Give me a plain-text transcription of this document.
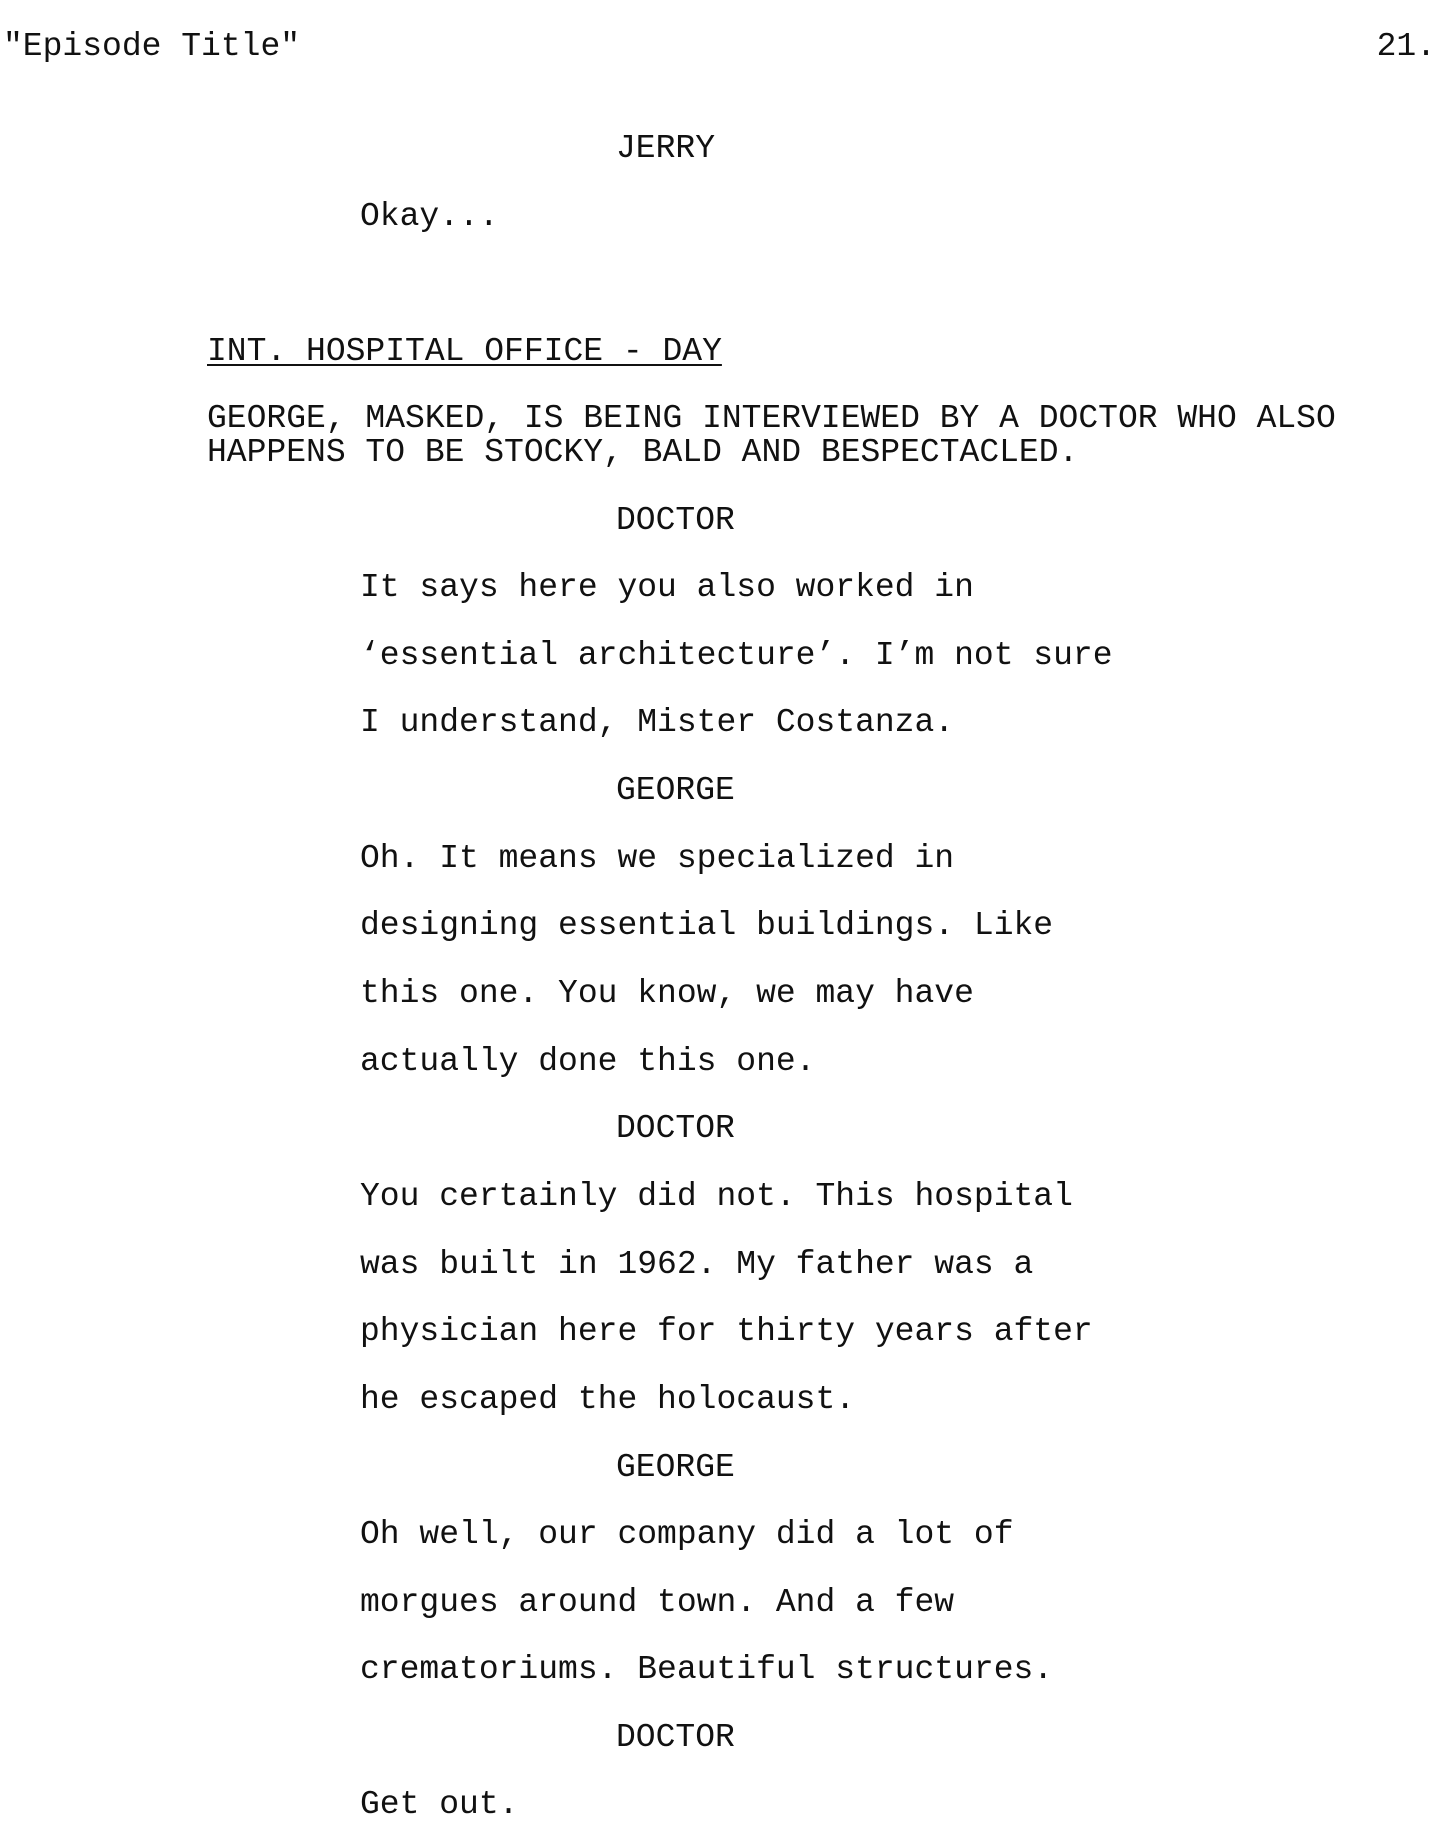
"Episode Title"	21.
JERRY
Okay...
INT. HOSPITAL OFFICE - DAY
GEORGE, MASKED, IS BEING INTERVIEWED BY A DOCTOR WHO ALSO
HAPPENS TO BE STOCKY, BALD AND BESPECTACLED.
DOCTOR
It says here you also worked in
‘essential architecture’. I’m not sure
I understand, Mister Costanza.
GEORGE
Oh. It means we specialized in
designing essential buildings. Like
this one. You know, we may have
actually done this one.
DOCTOR
You certainly did not. This hospital
was built in 1962. My father was a
physician here for thirty years after
he escaped the holocaust.
GEORGE
Oh well, our company did a lot of
morgues around town. And a few
crematoriums. Beautiful structures.
DOCTOR
Get out.
